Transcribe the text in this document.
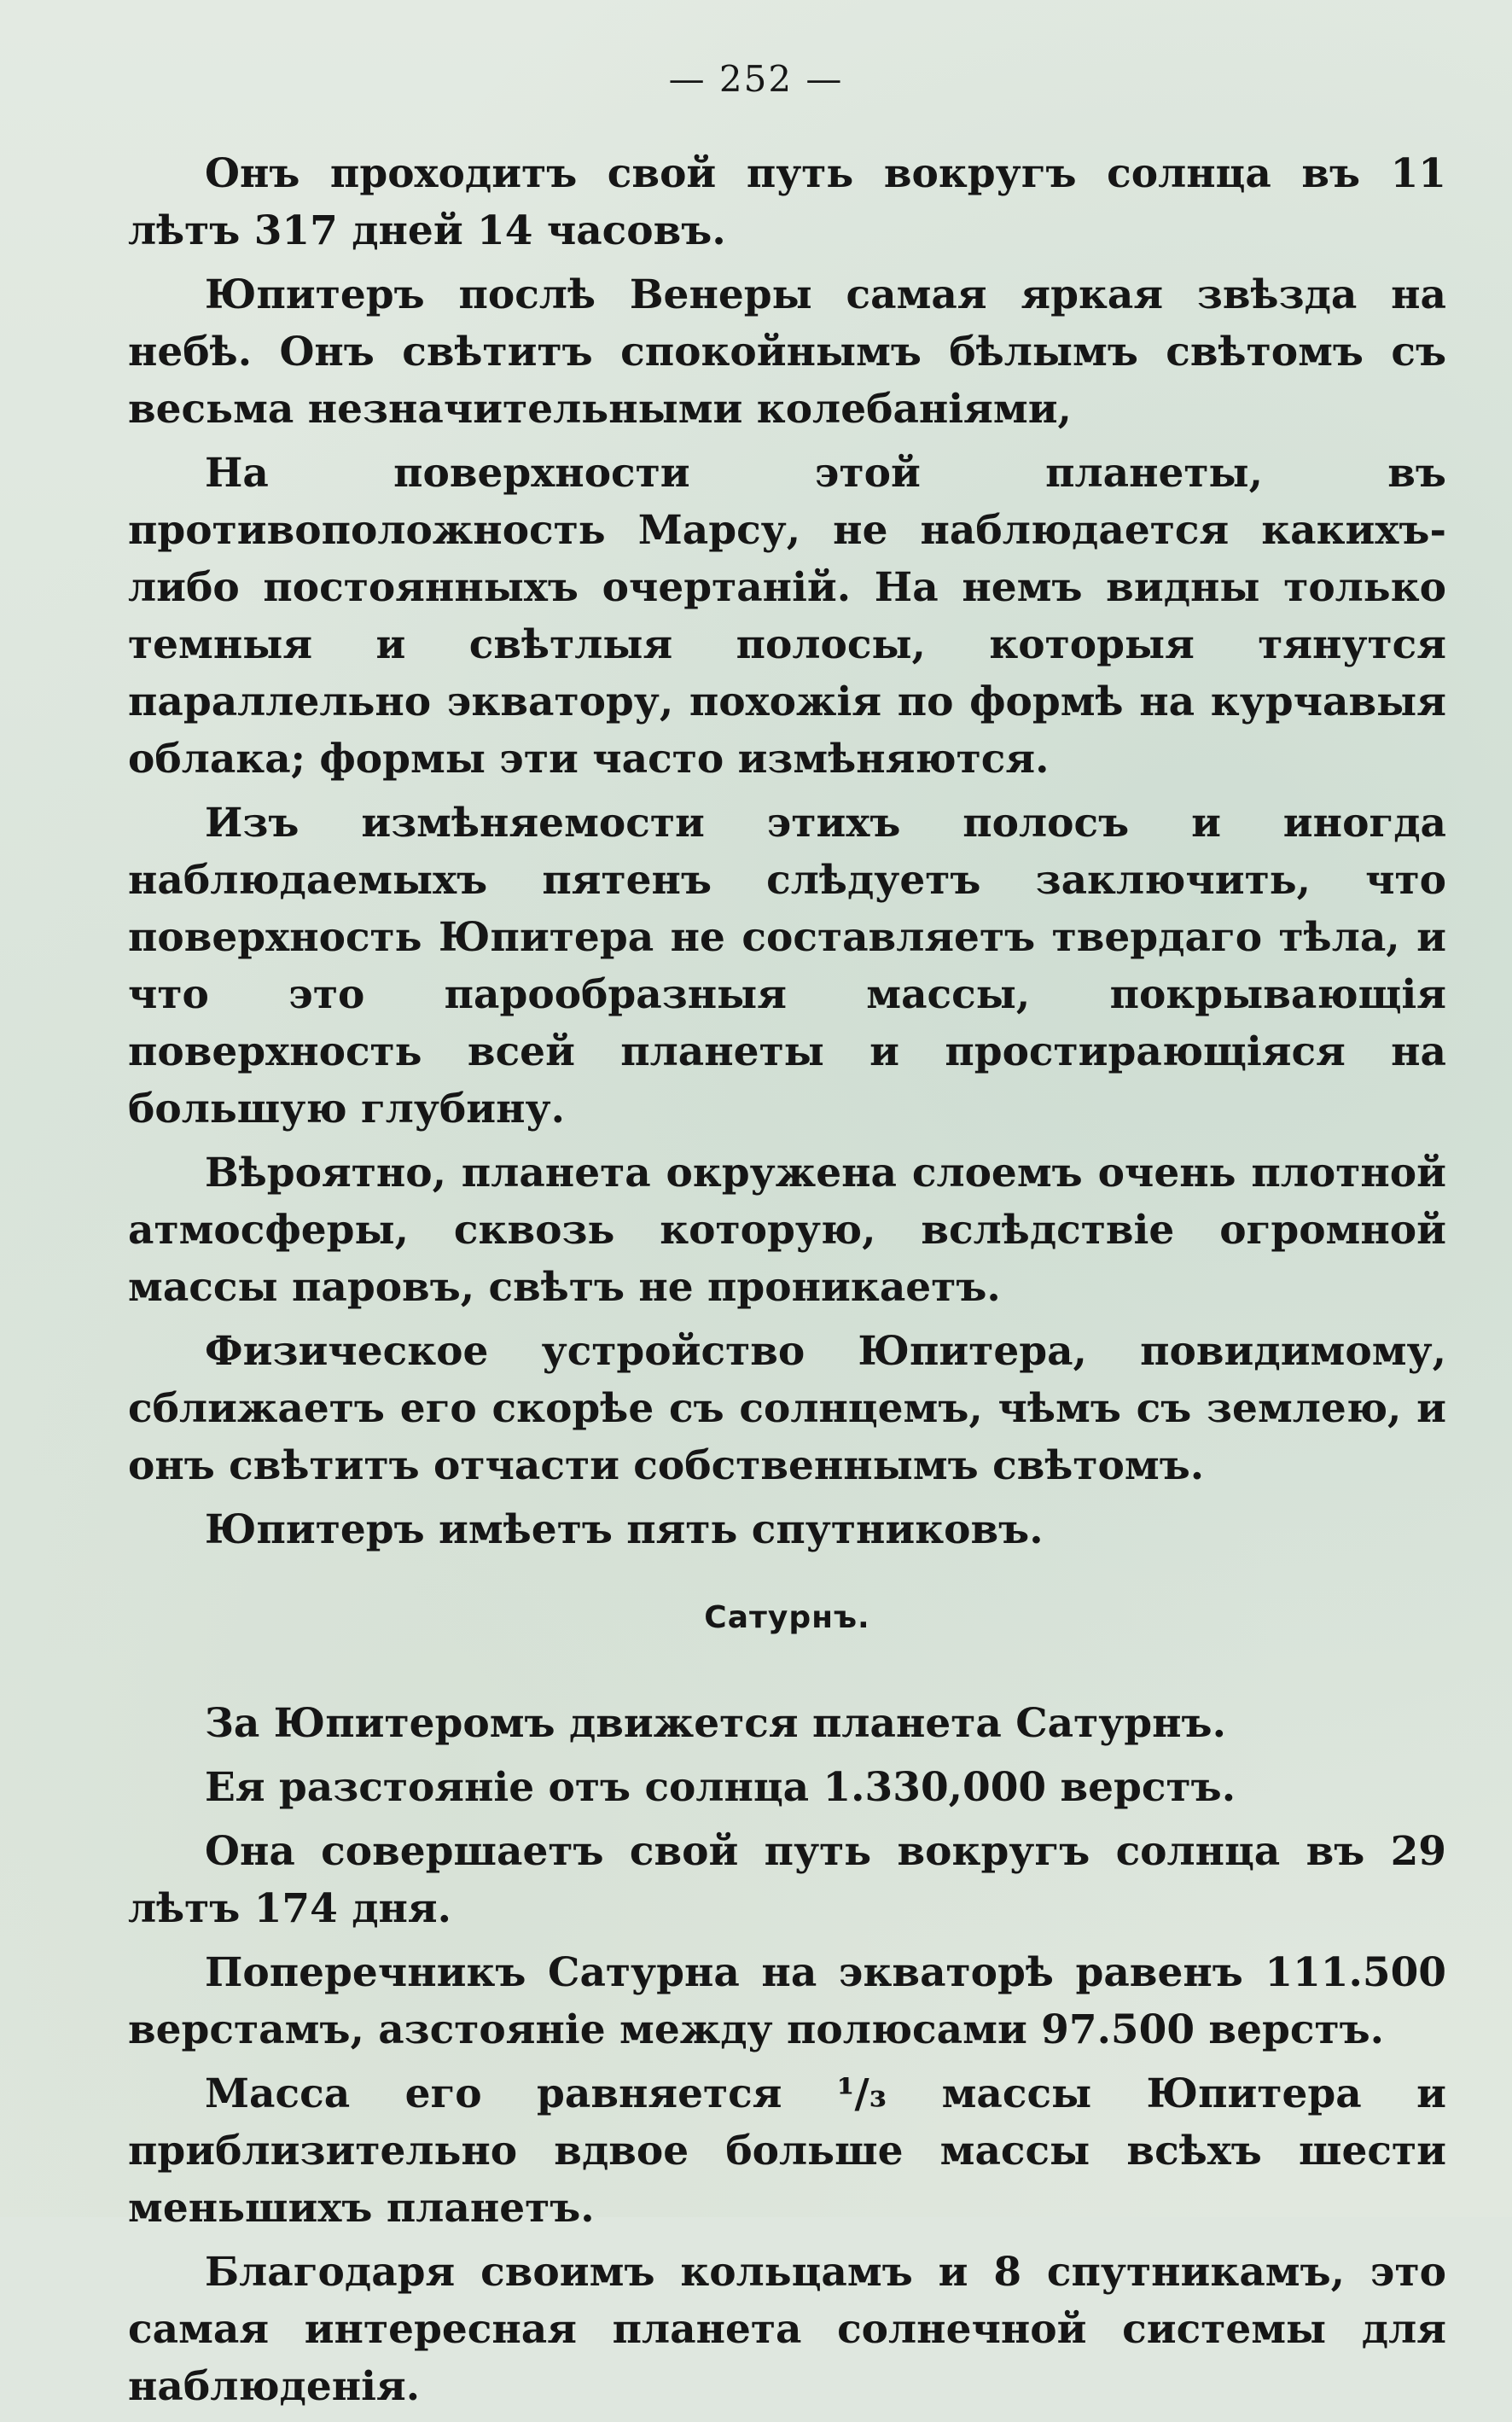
— 252 —

Онъ проходитъ свой путь вокругъ солнца въ 11 лѣтъ 317 дней 14 часовъ.

Юпитеръ послѣ Венеры самая яркая звѣзда на небѣ. Онъ свѣтитъ спокойнымъ бѣлымъ свѣтомъ съ весьма незначительными колебаніями,

На поверхности этой планеты, въ противоположность Марсу, не наблюдается какихъ-либо постоянныхъ очертаній. На немъ видны только темныя и свѣтлыя полосы, которыя тянутся параллельно экватору, похожія по формѣ на курчавыя облака; формы эти часто измѣняются.

Изъ измѣняемости этихъ полосъ и иногда наблюдаемыхъ пятенъ слѣдуетъ заключить, что поверхность Юпитера не составляетъ твердаго тѣла, и что это парообразныя массы, покрывающія поверхность всей планеты и простирающіяся на большую глубину.

Вѣроятно, планета окружена слоемъ очень плотной атмосферы, сквозь которую, вслѣдствіе огромной массы паровъ, свѣтъ не проникаетъ.

Физическое устройство Юпитера, повидимому, сближаетъ его скорѣе съ солнцемъ, чѣмъ съ землею, и онъ свѣтитъ отчасти собственнымъ свѣтомъ.

Юпитеръ имѣетъ пять спутниковъ.

Сатурнъ.

За Юпитеромъ движется планета Сатурнъ.

Ея разстояніе отъ солнца 1.330,000 верстъ.

Она совершаетъ свой путь вокругъ солнца въ 29 лѣтъ 174 дня.

Поперечникъ Сатурна на экваторѣ равенъ 111.500 верстамъ, азстояніе между полюсами 97.500 верстъ.

Масса его равняется ¹/₃ массы Юпитера и приблизительно вдвое больше массы всѣхъ шести меньшихъ планетъ.

Благодаря своимъ кольцамъ и 8 спутникамъ, это самая интересная планета солнечной системы для наблюденія.
